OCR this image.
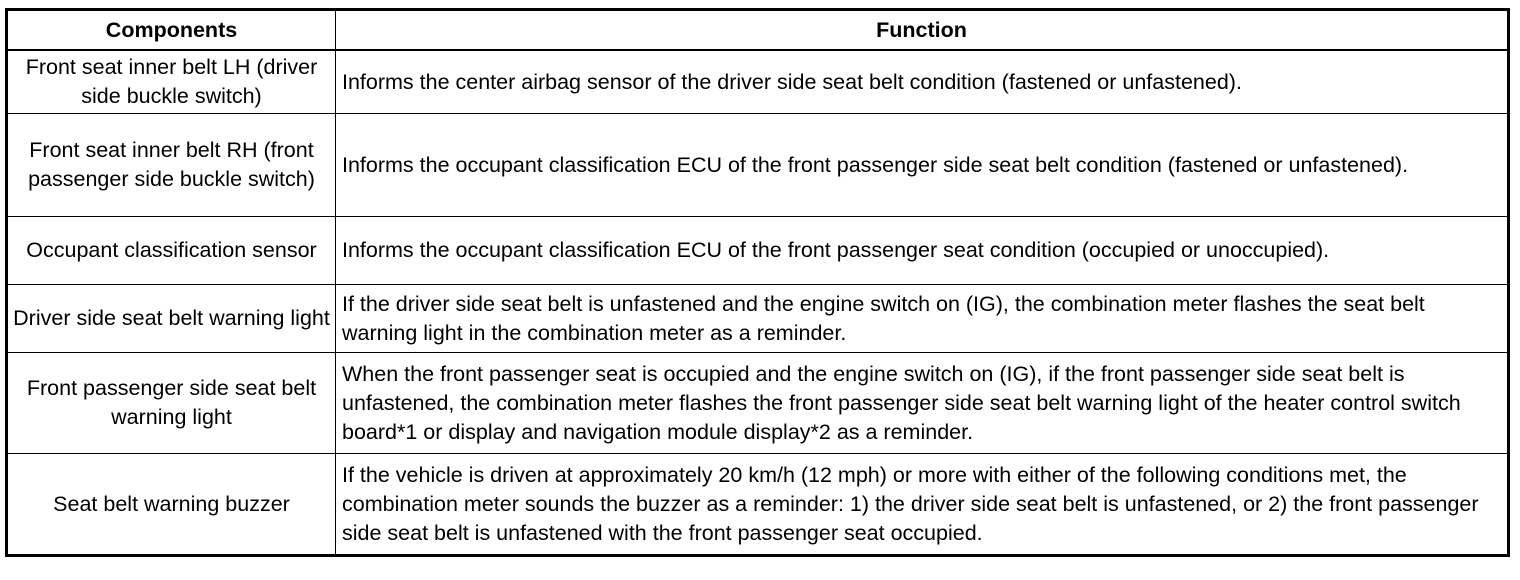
Components	Function
Front seat inner belt LH (driver side buckle switch)	Informs the center airbag sensor of the driver side seat belt condition (fastened or unfastened).
Front seat inner belt RH (front passenger side buckle switch)	Informs the occupant classification ECU of the front passenger side seat belt condition (fastened or unfastened).
Occupant classification sensor	Informs the occupant classification ECU of the front passenger seat condition (occupied or unoccupied).
Driver side seat belt warning light	If the driver side seat belt is unfastened and the engine switch on (IG), the combination meter flashes the seat belt warning light in the combination meter as a reminder.
Front passenger side seat belt warning light	When the front passenger seat is occupied and the engine switch on (IG), if the front passenger side seat belt is unfastened, the combination meter flashes the front passenger side seat belt warning light of the heater control switch board*1 or display and navigation module display*2 as a reminder.
Seat belt warning buzzer	If the vehicle is driven at approximately 20 km/h (12 mph) or more with either of the following conditions met, the combination meter sounds the buzzer as a reminder: 1) the driver side seat belt is unfastened, or 2) the front passenger side seat belt is unfastened with the front passenger seat occupied.
